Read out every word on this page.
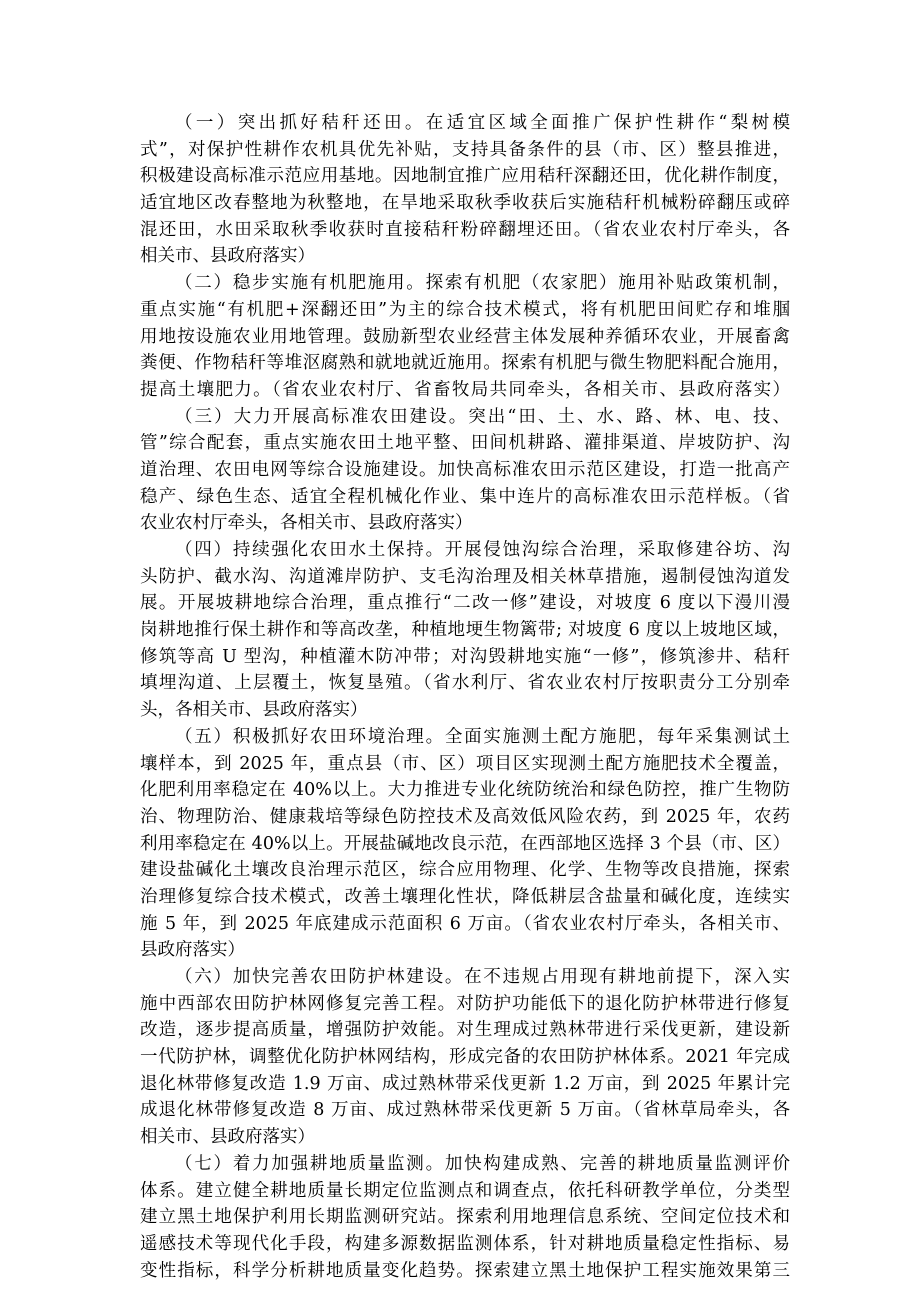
（一）突出抓好秸秆还田。在适宜区域全面推广保护性耕作“梨树模
式”，对保护性耕作农机具优先补贴，支持具备条件的县（市、区）整县推进，
积极建设高标准示范应用基地。因地制宜推广应用秸秆深翻还田，优化耕作制度，
适宜地区改春整地为秋整地，在旱地采取秋季收获后实施秸秆机械粉碎翻压或碎
混还田，水田采取秋季收获时直接秸秆粉碎翻埋还田。（省农业农村厅牵头，各
相关市、县政府落实）
（二）稳步实施有机肥施用。探索有机肥（农家肥）施用补贴政策机制，
重点实施“有机肥+深翻还田”为主的综合技术模式，将有机肥田间贮存和堆腘
用地按设施农业用地管理。鼓励新型农业经营主体发展种养循环农业，开展畜禽
粪便、作物秸秆等堆沤腐熟和就地就近施用。探索有机肥与微生物肥料配合施用，
提高土壤肥力。（省农业农村厅、省畜牧局共同牵头，各相关市、县政府落实）
（三）大力开展高标准农田建设。突出“田、土、水、路、林、电、技、
管”综合配套，重点实施农田土地平整、田间机耕路、灌排渠道、岸坡防护、沟
道治理、农田电网等综合设施建设。加快高标准农田示范区建设，打造一批高产
稳产、绿色生态、适宜全程机械化作业、集中连片的高标准农田示范样板。（省
农业农村厅牵头，各相关市、县政府落实）
（四）持续强化农田水土保持。开展侵蚀沟综合治理，采取修建谷坊、沟
头防护、截水沟、沟道滩岸防护、支毛沟治理及相关林草措施，遏制侵蚀沟道发
展。开展坡耕地综合治理，重点推行“二改一修”建设，对坡度 6 度以下漫川漫
岗耕地推行保土耕作和等高改垄，种植地埂生物篱带; 对坡度 6 度以上坡地区域，
修筑等高 U 型沟，种植灌木防冲带；对沟毁耕地实施“一修”，修筑渗井、秸秆
填埋沟道、上层覆土，恢复垦殖。（省水利厅、省农业农村厅按职责分工分别牵
头，各相关市、县政府落实）
（五）积极抓好农田环境治理。全面实施测土配方施肥，每年采集测试土
壤样本，到 2025 年，重点县（市、区）项目区实现测土配方施肥技术全覆盖，
化肥利用率稳定在 40%以上。大力推进专业化统防统治和绿色防控，推广生物防
治、物理防治、健康栽培等绿色防控技术及高效低风险农药，到 2025 年，农药
利用率稳定在 40%以上。开展盐碱地改良示范，在西部地区选择 3 个县（市、区）
建设盐碱化土壤改良治理示范区，综合应用物理、化学、生物等改良措施，探索
治理修复综合技术模式，改善土壤理化性状，降低耕层含盐量和碱化度，连续实
施 5 年，到 2025 年底建成示范面积 6 万亩。（省农业农村厅牵头，各相关市、
县政府落实）
（六）加快完善农田防护林建设。在不违规占用现有耕地前提下，深入实
施中西部农田防护林网修复完善工程。对防护功能低下的退化防护林带进行修复
改造，逐步提高质量，增强防护效能。对生理成过熟林带进行采伐更新，建设新
一代防护林，调整优化防护林网结构，形成完备的农田防护林体系。2021 年完成
退化林带修复改造 1.9 万亩、成过熟林带采伐更新 1.2 万亩，到 2025 年累计完
成退化林带修复改造 8 万亩、成过熟林带采伐更新 5 万亩。（省林草局牵头，各
相关市、县政府落实）
（七）着力加强耕地质量监测。加快构建成熟、完善的耕地质量监测评价
体系。建立健全耕地质量长期定位监测点和调查点，依托科研教学单位，分类型
建立黑土地保护利用长期监测研究站。探索利用地理信息系统、空间定位技术和
遥感技术等现代化手段，构建多源数据监测体系，针对耕地质量稳定性指标、易
变性指标，科学分析耕地质量变化趋势。探索建立黑土地保护工程实施效果第三
